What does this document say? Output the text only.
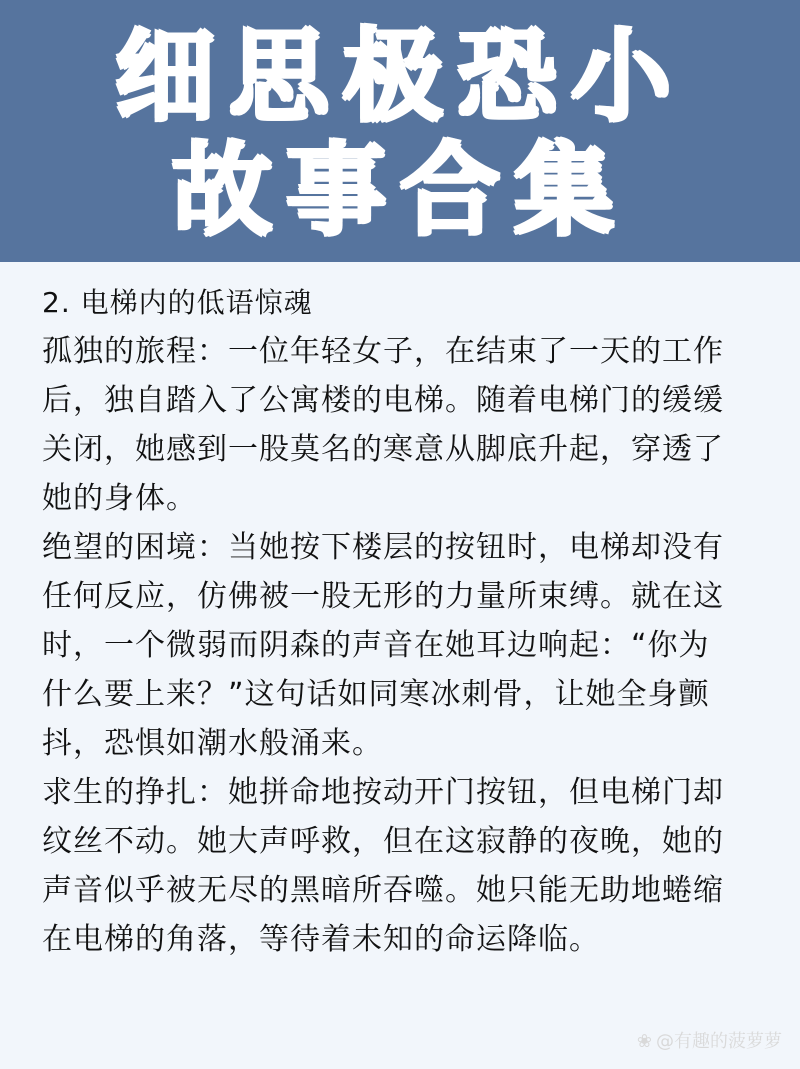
细思极恐小
故事合集
2. 电梯内的低语惊魂
孤独的旅程：一位年轻女子，在结束了一天的工作
后，独自踏入了公寓楼的电梯。随着电梯门的缓缓
关闭，她感到一股莫名的寒意从脚底升起，穿透了
她的身体。
绝望的困境：当她按下楼层的按钮时，电梯却没有
任何反应，仿佛被一股无形的力量所束缚。就在这
时，一个微弱而阴森的声音在她耳边响起：“你为
什么要上来？”这句话如同寒冰刺骨，让她全身颤
抖，恐惧如潮水般涌来。
求生的挣扎：她拼命地按动开门按钮，但电梯门却
纹丝不动。她大声呼救，但在这寂静的夜晚，她的
声音似乎被无尽的黑暗所吞噬。她只能无助地蜷缩
在电梯的角落，等待着未知的命运降临。
❀ @有趣的菠萝萝
